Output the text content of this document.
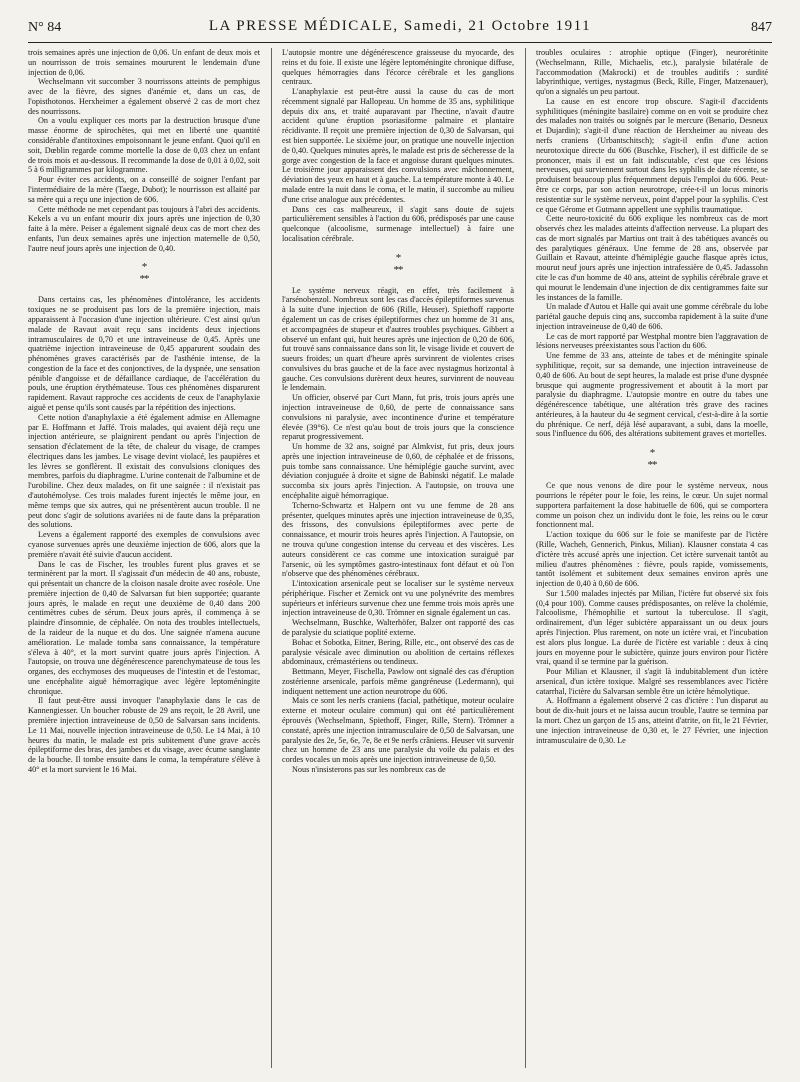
N° 84	LA PRESSE MÉDICALE, Samedi, 21 Octobre 1911	847

trois semaines après une injection de 0,06. Un enfant de deux mois et un nourrisson de trois semaines moururent le lendemain d'une injection de 0,06.

Wechselmann vit succomber 3 nourrissons atteints de pemphigus avec de la fièvre, des signes d'anémie et, dans un cas, de l'opisthotonos. Herxheimer a également observé 2 cas de mort chez des nourrissons.

On a voulu expliquer ces morts par la destruction brusque d'une masse énorme de spirochètes, qui met en liberté une quantité considérable d'antitoxines empoisonnant le jeune enfant. Quoi qu'il en soit, Dœblin regarde comme mortelle la dose de 0,03 chez un enfant de trois mois et au-dessous. Il recommande la dose de 0,01 à 0,02, soit 5 à 6 milligrammes par kilogramme.

Pour éviter ces accidents, on a conseillé de soigner l'enfant par l'intermédiaire de la mère (Taege, Dubot); le nourrisson est allaité par sa mère qui a reçu une injection de 606.

Cette méthode ne met cependant pas toujours à l'abri des accidents. Kekels a vu un enfant mourir dix jours après une injection de 0,30 faite à la mère. Peiser a également signalé deux cas de mort chez des enfants, l'un deux semaines après une injection maternelle de 0,50, l'autre neuf jours après une injection de 0,40.

*
**

Dans certains cas, les phénomènes d'intolérance, les accidents toxiques ne se produisent pas lors de la première injection, mais apparaissent à l'occasion d'une injection ultérieure. C'est ainsi qu'un malade de Ravaut avait reçu sans incidents deux injections intramusculaires de 0,70 et une intraveineuse de 0,45. Après une quatrième injection intraveineuse de 0,45 apparurent soudain des phénomènes graves caractérisés par de l'asthénie intense, de la congestion de la face et des conjonctives, de la dyspnée, une sensation pénible d'angoisse et de défaillance cardiaque, de l'accélération du pouls, une éruption érythémateuse. Tous ces phénomènes disparurent rapidement. Ravaut rapproche ces accidents de ceux de l'anaphylaxie aiguë et pense qu'ils sont causés par la répétition des injections.

Cette notion d'anaphylaxie a été également admise en Allemagne par E. Hoffmann et Jaffé. Trois malades, qui avaient déjà reçu une injection antérieure, se plaignirent pendant ou après l'injection de sensation d'éclatement de la tête, de chaleur du visage, de crampes électriques dans les jambes. Le visage devint violacé, les paupières et les lèvres se gonflèrent. Il existait des convulsions cloniques des membres, parfois du diaphragme. L'urine contenait de l'albumine et de l'urobiline. Chez deux malades, on fit une saignée : il n'existait pas d'autohémolyse. Ces trois malades furent injectés le même jour, en même temps que six autres, qui ne présentèrent aucun trouble. Il ne peut donc s'agir de solutions avariées ni de faute dans la préparation des solutions.

Levens a également rapporté des exemples de convulsions avec cyanose survenues après une deuxième injection de 606, alors que la première n'avait été suivie d'aucun accident.

Dans le cas de Fischer, les troubles furent plus graves et se terminèrent par la mort. Il s'agissait d'un médecin de 40 ans, robuste, qui présentait un chancre de la cloison nasale droite avec roséole. Une première injection de 0,40 de Salvarsan fut bien supportée; quarante jours après, le malade en reçut une deuxième de 0,40 dans 200 centimètres cubes de sérum. Deux jours après, il commença à se plaindre d'insomnie, de céphalée. On nota des troubles intellectuels, de la raideur de la nuque et du dos. Une saignée n'amena aucune amélioration. Le malade tomba sans connaissance, la température s'éleva à 40°, et la mort survint quatre jours après l'injection. A l'autopsie, on trouva une dégénérescence parenchymateuse de tous les organes, des ecchymoses des muqueuses de l'intestin et de l'estomac, une encéphalite aiguë hémorragique avec légère leptoméningite chronique.

Il faut peut-être aussi invoquer l'anaphylaxie dans le cas de Kannengiesser. Un boucher robuste de 29 ans reçoit, le 28 Avril, une première injection intraveineuse de 0,50 de Salvarsan sans incidents. Le 11 Mai, nouvelle injection intraveineuse de 0,50. Le 14 Mai, à 10 heures du matin, le malade est pris subitement d'une grave accès épileptiforme des bras, des jambes et du visage, avec écume sanglante de la bouche. Il tombe ensuite dans le coma, la température s'élève à 40° et la mort survient le 16 Mai.

L'autopsie montre une dégénérescence graisseuse du myocarde, des reins et du foie. Il existe une légère leptoméningite chronique diffuse, quelques hémorragies dans l'écorce cérébrale et les ganglions centraux.

L'anaphylaxie est peut-être aussi la cause du cas de mort récemment signalé par Hallopeau. Un homme de 35 ans, syphilitique depuis dix ans, et traité auparavant par l'hectine, n'avait d'autre accident qu'une éruption psoriasiforme palmaire et plantaire récidivante. Il reçoit une première injection de 0,30 de Salvarsan, qui est bien supportée. Le sixième jour, on pratique une nouvelle injection de 0,40. Quelques minutes après, le malade est pris de sécheresse de la gorge avec congestion de la face et angoisse durant quelques minutes. Le troisième jour apparaissent des convulsions avec mâchonnement, déviation des yeux en haut et à gauche. La température monte à 40. Le malade entre la nuit dans le coma, et le matin, il succombe au milieu d'une crise analogue aux précédentes.

Dans ces cas malheureux, il s'agit sans doute de sujets particulièrement sensibles à l'action du 606, prédisposés par une cause quelconque (alcoolisme, surmenage intellectuel) à faire une localisation cérébrale.

*
**

Le système nerveux réagit, en effet, très facilement à l'arsénobenzol. Nombreux sont les cas d'accès épileptiformes survenus à la suite d'une injection de 606 (Rille, Heuser). Spiethoff rapporte également un cas de crises épileptiformes chez un homme de 31 ans, et accompagnées de stupeur et d'autres troubles psychiques. Gibbert a observé un enfant qui, huit heures après une injection de 0,20 de 606, fut trouvé sans connaissance dans son lit, le visage livide et couvert de sueurs froides; un quart d'heure après survinrent de violentes crises convulsives du bras gauche et de la face avec nystagmus horizontal à gauche. Ces convulsions durèrent deux heures, survinrent de nouveau le lendemain.

Un officier, observé par Curt Mann, fut pris, trois jours après une injection intraveineuse de 0,60, de perte de connaissance sans convulsions ni paralysie, avec incontinence d'urine et température élevée (39°6). Ce n'est qu'au bout de trois jours que la conscience reparut progressivement.

Un homme de 32 ans, soigné par Almkvist, fut pris, deux jours après une injection intraveineuse de 0,60, de céphalée et de frissons, puis tombe sans connaissance. Une hémiplégie gauche survint, avec déviation conjuguée à droite et signe de Babinski négatif. Le malade succomba six jours après l'injection. A l'autopsie, on trouva une encéphalite aiguë hémorragique.

Tcherno-Schwartz et Halpern ont vu une femme de 28 ans présenter, quelques minutes après une injection intraveineuse de 0,35, des frissons, des convulsions épileptiformes avec perte de connaissance, et mourir trois heures après l'injection. A l'autopsie, on ne trouva qu'une congestion intense du cerveau et des viscères. Les auteurs considèrent ce cas comme une intoxication suraiguë par l'arsenic, où les symptômes gastro-intestinaux font défaut et où l'on n'observe que des phénomènes cérébraux.

L'intoxication arsenicale peut se localiser sur le système nerveux périphérique. Fischer et Zernick ont vu une polynévrite des membres supérieurs et inférieurs survenue chez une femme trois mois après une injection intraveineuse de 0,30. Trömner en signale également un cas.

Wechselmann, Buschke, Walterhöfer, Balzer ont rapporté des cas de paralysie du sciatique poplité externe.

Bohac et Sobotka, Eitner, Bering, Rille, etc., ont observé des cas de paralysie vésicale avec diminution ou abolition de certains réflexes abdominaux, crémastériens ou tendineux.

Bettmann, Meyer, Fischella, Pawlow ont signalé des cas d'éruption zostérienne arsenicale, parfois même gangréneuse (Ledermann), qui indiquent nettement une action neurotrope du 606.

Mais ce sont les nerfs craniens (facial, pathétique, moteur oculaire externe et moteur oculaire commun) qui ont été particulièrement éprouvés (Wechselmann, Spiethoff, Finger, Rille, Stern). Trömner a constaté, après une injection intramusculaire de 0,50 de Salvarsan, une paralysie des 2e, 5e, 6e, 7e, 8e et 9e nerfs crâniens. Heuser vit survenir chez un homme de 23 ans une paralysie du voile du palais et des cordes vocales un mois après une injection intraveineuse de 0,50.

Nous n'insisterons pas sur les nombreux cas de

troubles oculaires : atrophie optique (Finger), neurorétinite (Wechselmann, Rille, Michaelis, etc.), paralysie bilatérale de l'accommodation (Makrocki) et de troubles auditifs : surdité labyrinthique, vertiges, nystagmus (Beck, Rille, Finger, Matzenauer), qu'on a signalés un peu partout.

La cause en est encore trop obscure. S'agit-il d'accidents syphilitiques (méningite basilaire) comme on en voit se produire chez des malades non traités ou soignés par le mercure (Benario, Desneux et Dujardin); s'agit-il d'une réaction de Herxheimer au niveau des nerfs craniens (Urbantschitsch); s'agit-il enfin d'une action neurotoxique directe du 606 (Buschke, Fischer), il est difficile de se prononcer, mais il est un fait indiscutable, c'est que ces lésions nerveuses, qui surviennent surtout dans les syphilis de date récente, se produisent beaucoup plus fréquemment depuis l'emploi du 606. Peut-être ce corps, par son action neurotrope, crée-t-il un locus minoris resistentiæ sur le système nerveux, point d'appel pour la syphilis. C'est ce que Gérome et Gutmann appellent une syphilis traumatique.

Cette neuro-toxicité du 606 explique les nombreux cas de mort observés chez les malades atteints d'affection nerveuse. La plupart des cas de mort signalés par Martius ont trait à des tabétiques avancés ou des paralytiques généraux. Une femme de 28 ans, observée par Guillain et Ravaut, atteinte d'hémiplégie gauche flasque après ictus, mourut neuf jours après une injection intrafessière de 0,45. Jadassohn cite le cas d'un homme de 40 ans, atteint de syphilis cérébrale grave et qui mourut le lendemain d'une injection de dix centigrammes faite sur les instances de la famille.

Un malade d'Autou et Halle qui avait une gomme cérébrale du lobe pariétal gauche depuis cinq ans, succomba rapidement à la suite d'une injection intraveineuse de 0,40 de 606.

Le cas de mort rapporté par Westphal montre bien l'aggravation de lésions nerveuses préexistantes sous l'action du 606.

Une femme de 33 ans, atteinte de tabes et de méningite spinale syphilitique, reçoit, sur sa demande, une injection intraveineuse de 0,40 de 606. Au bout de sept heures, la malade est prise d'une dyspnée brusque qui augmente progressivement et aboutit à la mort par paralysie du diaphragme. L'autopsie montre en outre du tabes une dégénérescence tabétique, une altération très grave des racines antérieures, à la hauteur du 4e segment cervical, c'est-à-dire à la sortie du phrénique. Ce nerf, déjà lésé auparavant, a subi, dans la moelle, sous l'influence du 606, des altérations subitement graves et mortelles.

*
**

Ce que nous venons de dire pour le système nerveux, nous pourrions le répéter pour le foie, les reins, le cœur. Un sujet normal supportera parfaitement la dose habituelle de 606, qui se comportera comme un poison chez un individu dont le foie, les reins ou le cœur fonctionnent mal.

L'action toxique du 606 sur le foie se manifeste par de l'ictère (Rille, Wacheh, Gennerich, Pinkus, Milian). Klausner constata 4 cas d'ictère très accusé après une injection. Cet ictère survenait tantôt au milieu d'autres phénomènes : fièvre, pouls rapide, vomissements, tantôt isolément et subitement deux semaines environ après une injection de 0,40 à 0,60 de 606.

Sur 1.500 malades injectés par Milian, l'ictère fut observé six fois (0,4 pour 100). Comme causes prédisposantes, on relève la cholémie, l'alcoolisme, l'hémophilie et surtout la tuberculose. Il s'agit, ordinairement, d'un léger subictère apparaissant un ou deux jours après l'injection. Plus rarement, on note un ictère vrai, et l'incubation est alors plus longue. La durée de l'ictère est variable : deux à cinq jours en moyenne pour le subictère, quinze jours environ pour l'ictère vrai, quand il se termine par la guérison.

Pour Milian et Klausner, il s'agit là indubitablement d'un ictère arsenical, d'un ictère toxique. Malgré ses ressemblances avec l'ictère catarrhal, l'ictère du Salvarsan semble être un ictère hémolytique.

A. Hoffmann a également observé 2 cas d'ictère : l'un disparut au bout de dix-huit jours et ne laissa aucun trouble, l'autre se termina par la mort. Chez un garçon de 15 ans, atteint d'atrite, on fit, le 21 Février, une injection intraveineuse de 0,30 et, le 27 Février, une injection intramusculaire de 0,30. Le
